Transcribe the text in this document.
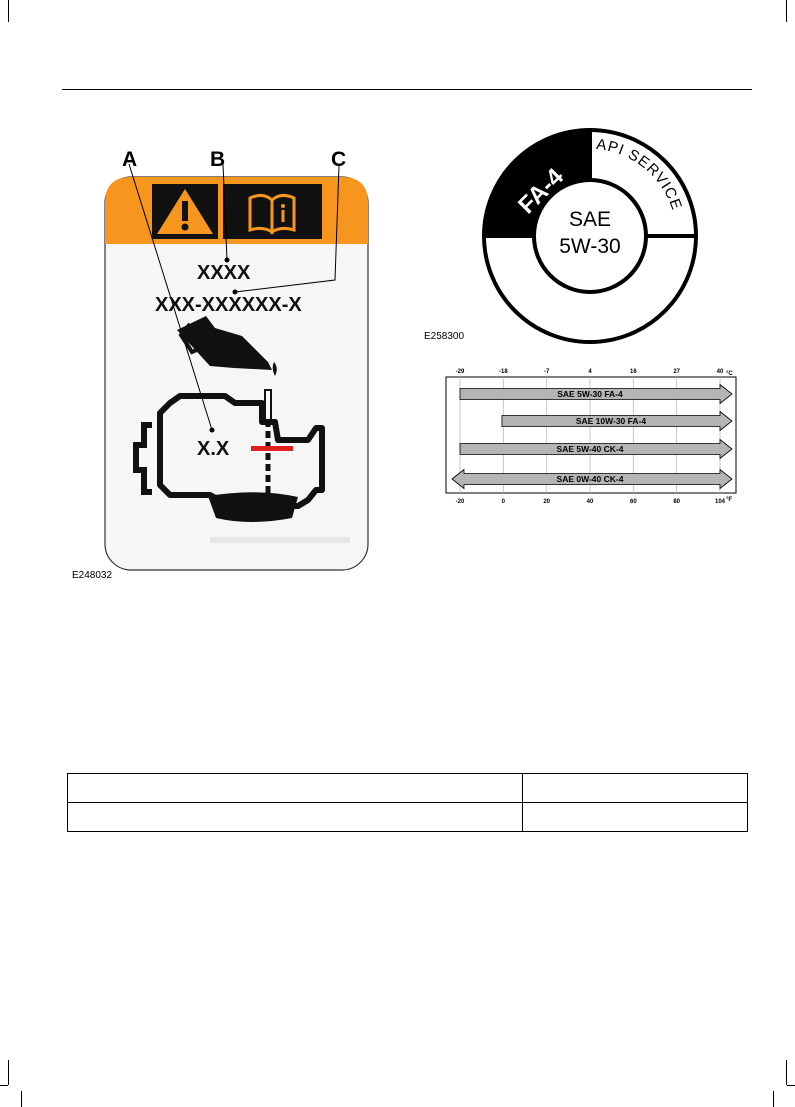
A	B	C
XXXX
XXX-XXXXXX-X
X.X
E248032
API SERVICE
FA-4
SAE
5W-30
E258300
-29
-20
-18
0
-7
20
4
40
16
60
27
80
40
104
°C
°F
SAE 5W-30 FA-4
SAE 10W-30 FA-4
SAE 5W-40 CK-4
SAE 0W-40 CK-4
